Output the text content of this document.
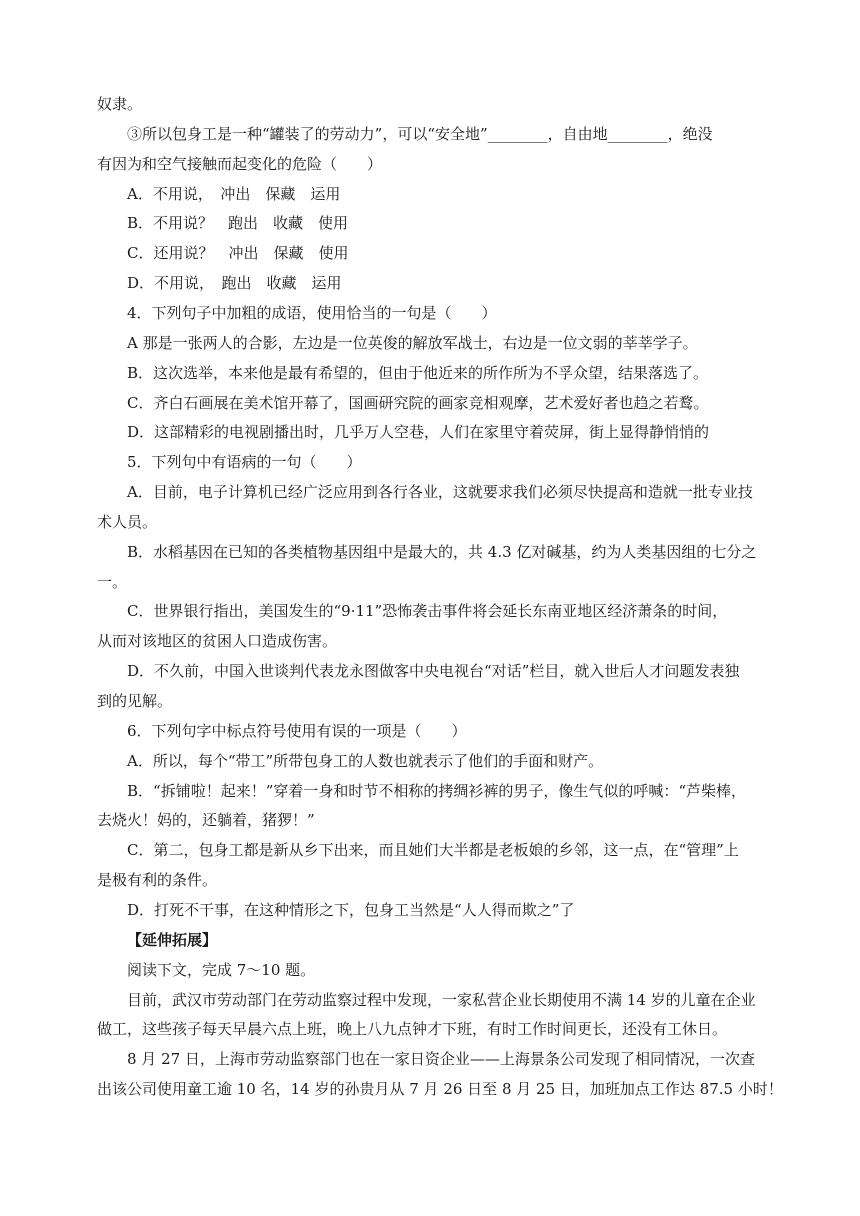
奴隶。
③所以包身工是一种“罐装了的劳动力”，可以“安全地”________，自由地________，绝没
有因为和空气接触而起变化的危险（　　）
A．不用说，　冲出　保藏　运用
B．不用说？　跑出　收藏　使用
C．还用说？　冲出　保藏　使用
D．不用说，　跑出　收藏　运用
4．下列句子中加粗的成语，使用恰当的一句是（　　）
A 那是一张两人的合影，左边是一位英俊的解放军战士，右边是一位文弱的莘莘学子。
B．这次选举，本来他是最有希望的，但由于他近来的所作所为不孚众望，结果落选了。
C．齐白石画展在美术馆开幕了，国画研究院的画家竞相观摩，艺术爱好者也趋之若鹜。
D．这部精彩的电视剧播出时，几乎万人空巷，人们在家里守着荧屏，街上显得静悄悄的
5．下列句中有语病的一句（　　）
A．目前，电子计算机已经广泛应用到各行各业，这就要求我们必须尽快提高和造就一批专业技
术人员。
B．水稻基因在已知的各类植物基因组中是最大的，共 4.3 亿对碱基，约为人类基因组的七分之
一。
C．世界银行指出，美国发生的“9·11”恐怖袭击事件将会延长东南亚地区经济萧条的时间，
从而对该地区的贫困人口造成伤害。
D．不久前，中国入世谈判代表龙永图做客中央电视台“对话”栏目，就入世后人才问题发表独
到的见解。
6．下列句字中标点符号使用有误的一项是（　　）
A．所以，每个“带工”所带包身工的人数也就表示了他们的手面和财产。
B．“拆铺啦！起来！”穿着一身和时节不相称的拷绸衫裤的男子，像生气似的呼喊：“芦柴棒，
去烧火！妈的，还躺着，猪猡！”
C．第二，包身工都是新从乡下出来，而且她们大半都是老板娘的乡邻，这一点，在“管理”上
是极有利的条件。
D．打死不干事，在这种情形之下，包身工当然是“人人得而欺之”了
【延伸拓展】
阅读下文，完成 7～10 题。
目前，武汉市劳动部门在劳动监察过程中发现，一家私营企业长期使用不满 14 岁的儿童在企业
做工，这些孩子每天早晨六点上班，晚上八九点钟才下班，有时工作时间更长，还没有工休日。
8 月 27 日，上海市劳动监察部门也在一家日资企业——上海景条公司发现了相同情况，一次查
出该公司使用童工逾 10 名，14 岁的孙贵月从 7 月 26 日至 8 月 25 日，加班加点工作达 87.5 小时！
